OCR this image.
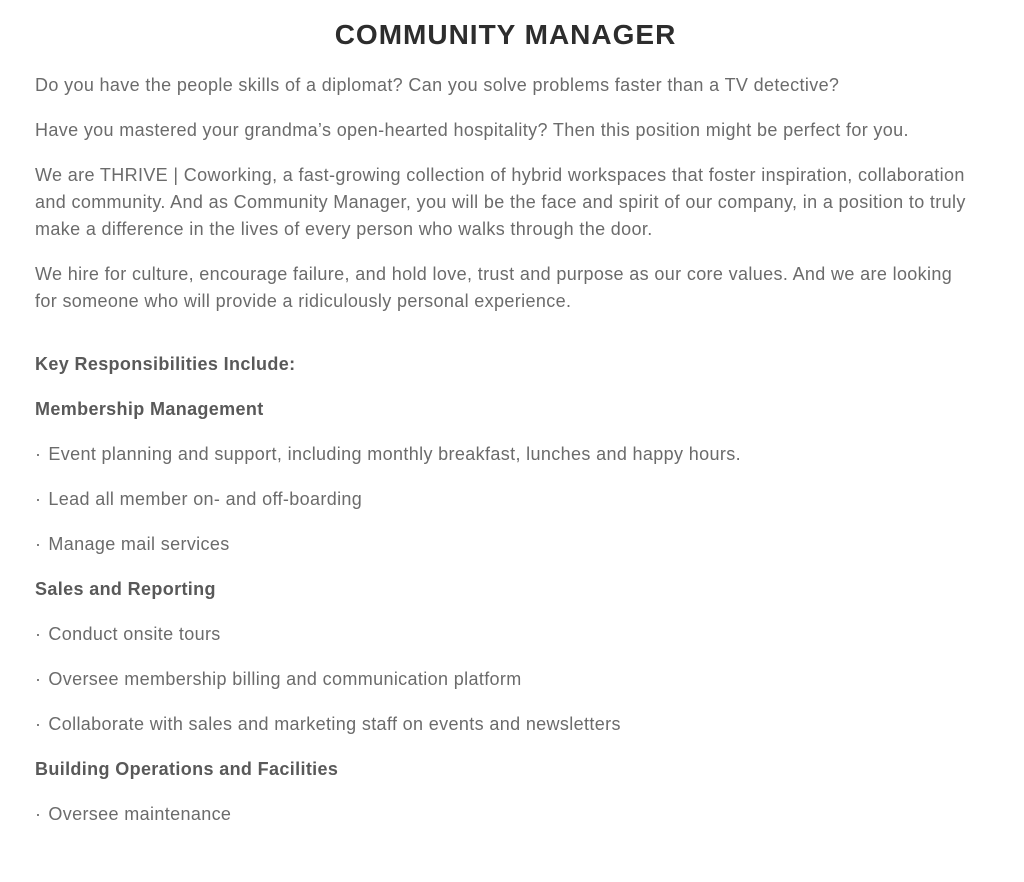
COMMUNITY MANAGER

Do you have the people skills of a diplomat? Can you solve problems faster than a TV detective?

Have you mastered your grandma’s open-hearted hospitality? Then this position might be perfect for you.

We are THRIVE | Coworking, a fast-growing collection of hybrid workspaces that foster inspiration, collaboration and community. And as Community Manager, you will be the face and spirit of our company, in a position to truly make a difference in the lives of every person who walks through the door.

We hire for culture, encourage failure, and hold love, trust and purpose as our core values. And we are looking for someone who will provide a ridiculously personal experience.

Key Responsibilities Include:

Membership Management

· Event planning and support, including monthly breakfast, lunches and happy hours.

· Lead all member on- and off-boarding

· Manage mail services

Sales and Reporting

· Conduct onsite tours

· Oversee membership billing and communication platform

· Collaborate with sales and marketing staff on events and newsletters

Building Operations and Facilities

· Oversee maintenance
